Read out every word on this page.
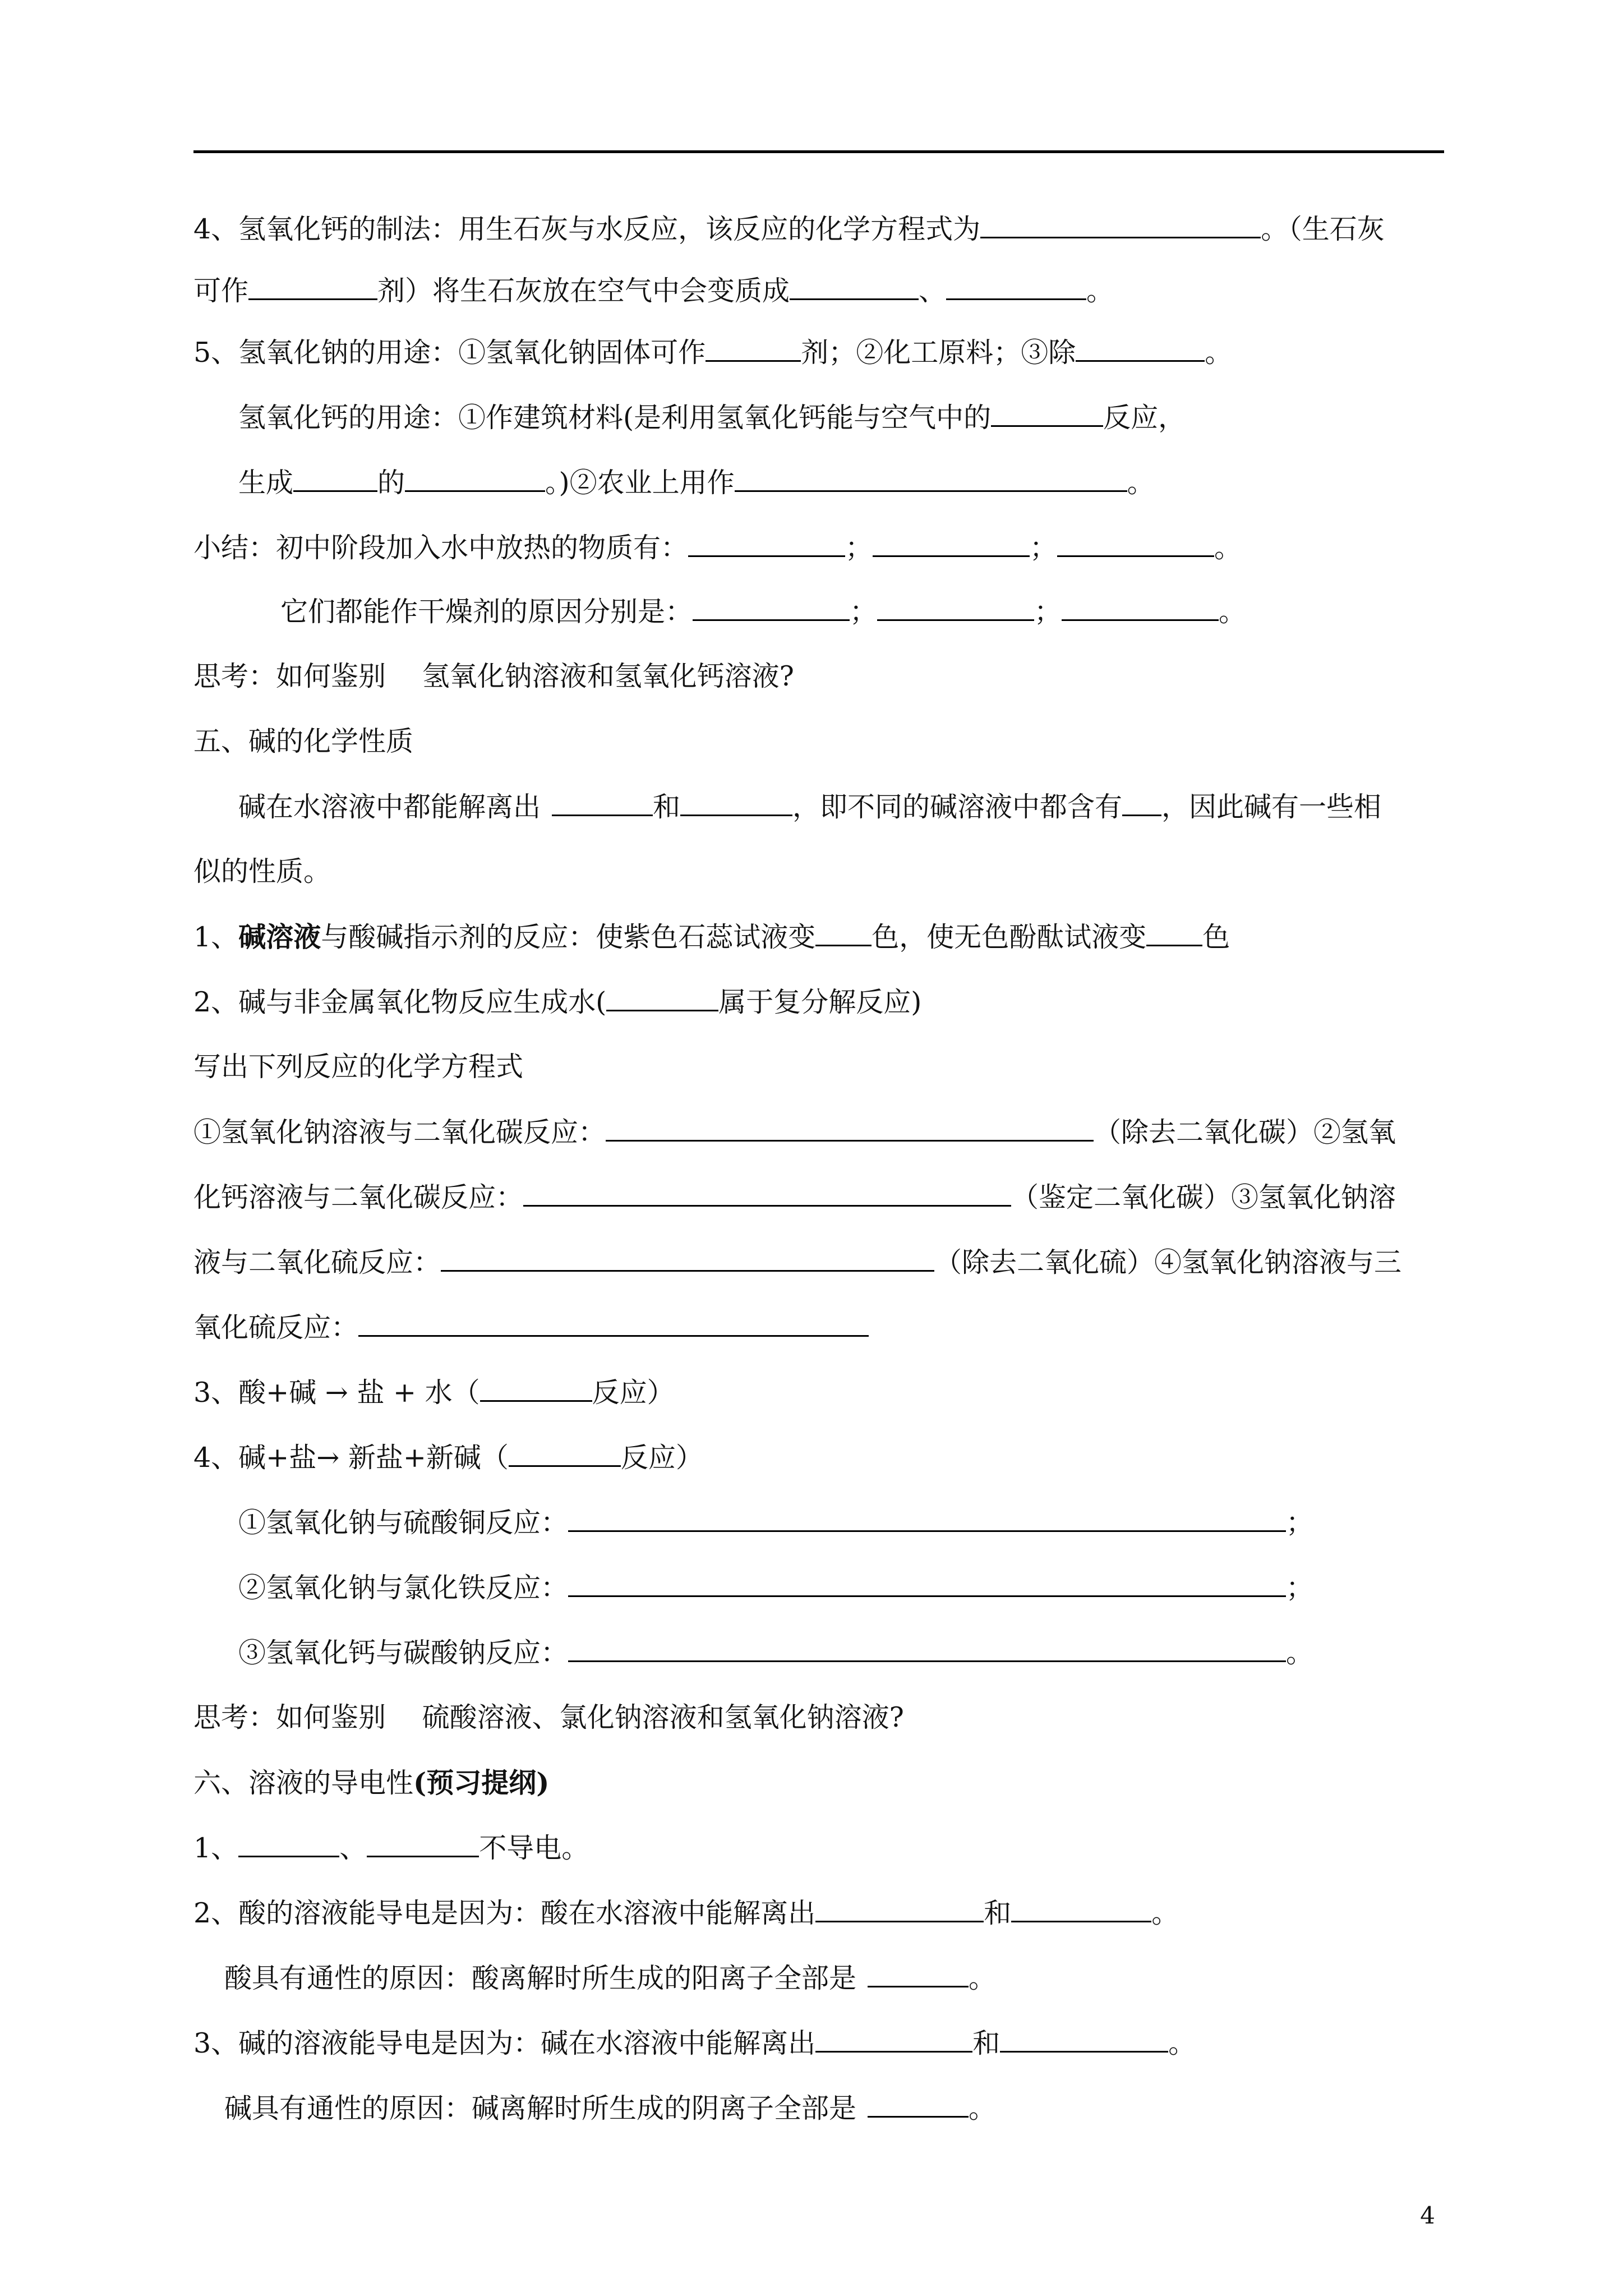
4、氢氧化钙的制法：用生石灰与水反应，该反应的化学方程式为	。（生石灰
可作	剂）将生石灰放在空气中会变质成	、	。
5、氢氧化钠的用途：①氢氧化钠固体可作	剂；②化工原料；③除	。
氢氧化钙的用途：①作建筑材料(是利用氢氧化钙能与空气中的	反应，
生成	的	。)②农业上用作	。
小结：初中阶段加入水中放热的物质有：	；	；	。
它们都能作干燥剂的原因分别是：	；	；	。
思考：如何鉴别　 氢氧化钠溶液和氢氧化钙溶液?
五、碱的化学性质
碱在水溶液中都能解离出	和	，即不同的碱溶液中都含有 ，因此碱有一些相
似的性质。
1、碱溶液与酸碱指示剂的反应：使紫色石蕊试液变 色，使无色酚酞试液变 色
2、碱与非金属氧化物反应生成水(	属于复分解反应)
写出下列反应的化学方程式
①氢氧化钠溶液与二氧化碳反应：	（除去二氧化碳）②氢氧
化钙溶液与二氧化碳反应：	（鉴定二氧化碳）③氢氧化钠溶
液与二氧化硫反应：	（除去二氧化硫）④氢氧化钠溶液与三
氧化硫反应：
3、酸+碱 → 盐 + 水（	反应）
4、碱+盐→ 新盐+新碱（	反应）
①氢氧化钠与硫酸铜反应：	；
②氢氧化钠与氯化铁反应：	；
③氢氧化钙与碳酸钠反应：	。
思考：如何鉴别　 硫酸溶液、氯化钠溶液和氢氧化钠溶液?
六、溶液的导电性(预习提纲)
1、	、	不导电。
2、酸的溶液能导电是因为：酸在水溶液中能解离出	和	。
酸具有通性的原因：酸离解时所生成的阳离子全部是	。
3、碱的溶液能导电是因为：碱在水溶液中能解离出	和	。
碱具有通性的原因：碱离解时所生成的阴离子全部是	。
4
